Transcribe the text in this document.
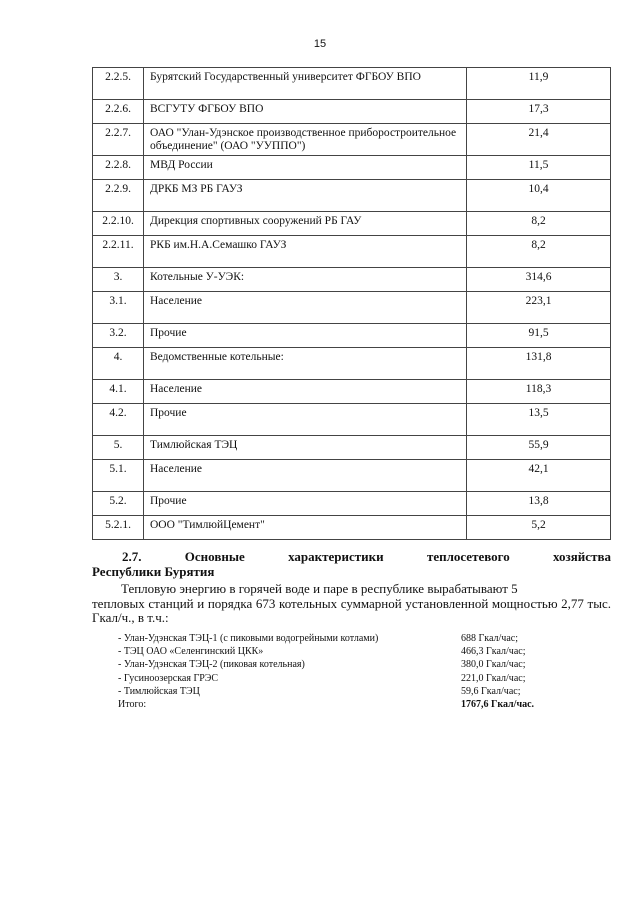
15
2.2.5.	Бурятский Государственный университет ФГБОУ ВПО	11,9
2.2.6.	ВСГУТУ ФГБОУ ВПО	17,3
2.2.7.	ОАО "Улан-Удэнское производственное приборостроительное объединение" (ОАО "УУППО")	21,4
2.2.8.	МВД России	11,5
2.2.9.	ДРКБ МЗ РБ ГАУЗ	10,4
2.2.10.	Дирекция спортивных сооружений РБ ГАУ	8,2
2.2.11.	РКБ им.Н.А.Семашко ГАУЗ	8,2
3.	Котельные У-УЭК:	314,6
3.1.	Население	223,1
3.2.	Прочие	91,5
4.	Ведомственные котельные:	131,8
4.1.	Население	118,3
4.2.	Прочие	13,5
5.	Тимлюйская ТЭЦ	55,9
5.1.	Население	42,1
5.2.	Прочие	13,8
5.2.1.	ООО "ТимлюйЦемент"	5,2
2.7.	Основные	характеристики	теплосетевого	хозяйства
Республики Бурятия

Тепловую энергию в горячей воде и паре в республике вырабатывают 5
тепловых станций и порядка 673 котельных суммарной установленной мощностью 2,77 тыс. Гкал/ч., в т.ч.:

- Улан-Удэнская ТЭЦ-1 (с пиковыми водогрейными котлами)	688 Гкал/час;
- ТЭЦ ОАО «Селенгинский ЦКК»	466,3 Гкал/час;
- Улан-Удэнская ТЭЦ-2 (пиковая котельная)	380,0 Гкал/час;
- Гусиноозерская ГРЭС	221,0 Гкал/час;
- Тимлюйская ТЭЦ	59,6 Гкал/час;
Итого:	1767,6 Гкал/час.
